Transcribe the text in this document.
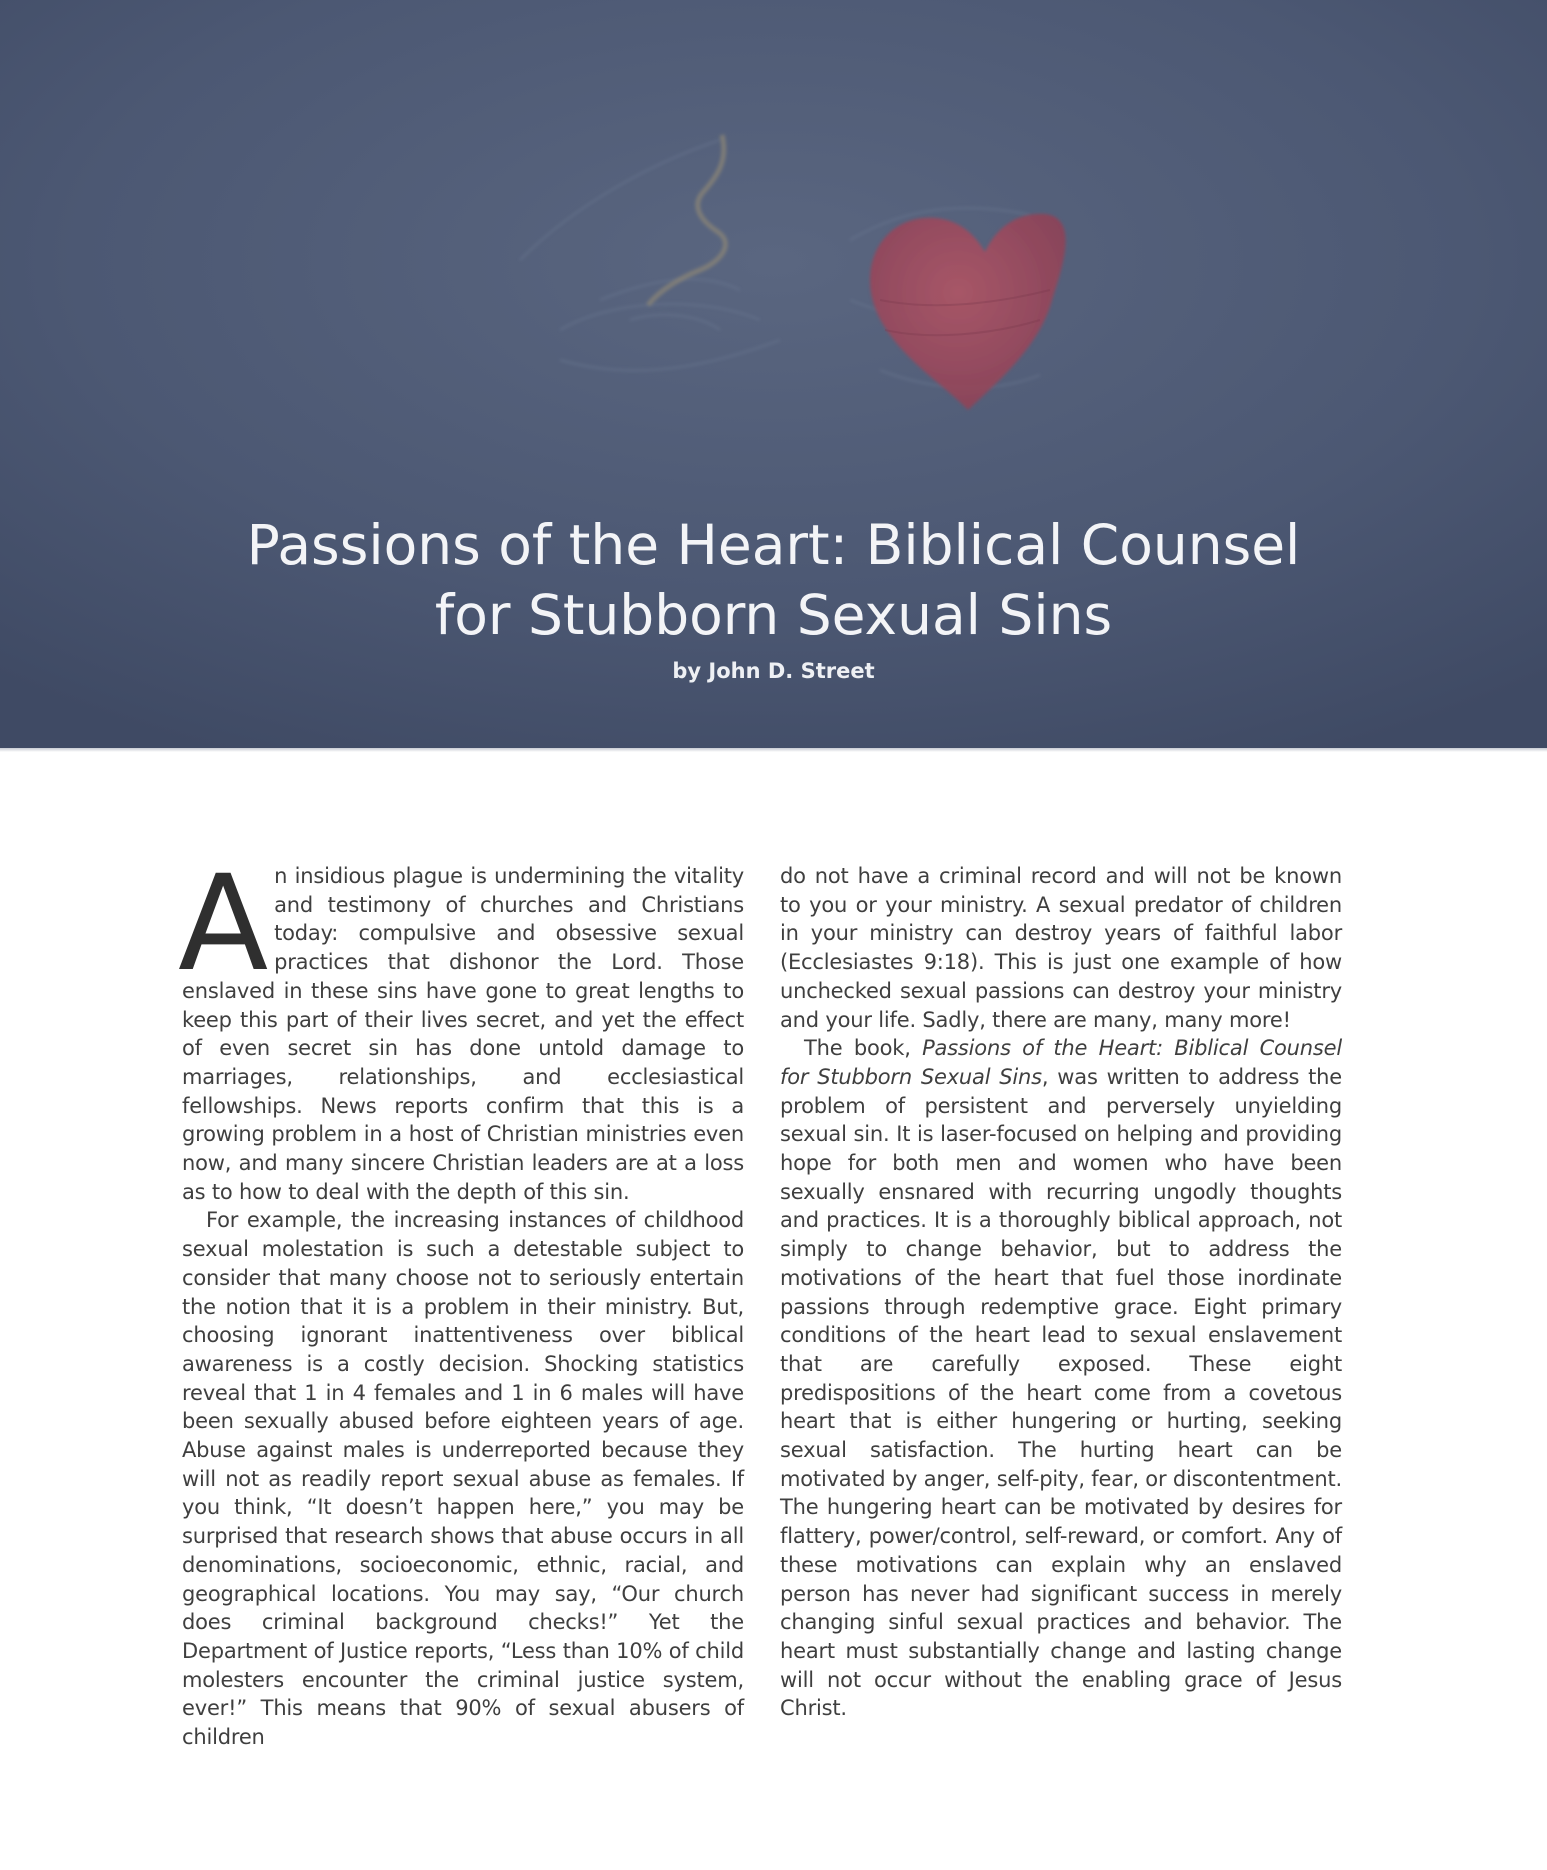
Passions of the Heart: Biblical Counsel
for Stubborn Sexual Sins

by John D. Street

An insidious plague is undermining the vitality and testimony of churches and Christians today: compulsive and obsessive sexual practices that dishonor the Lord. Those enslaved in these sins have gone to great lengths to keep this part of their lives secret, and yet the effect of even secret sin has done untold damage to marriages, relationships, and ecclesiastical fellowships. News reports confirm that this is a growing problem in a host of Christian ministries even now, and many sincere Christian leaders are at a loss as to how to deal with the depth of this sin.

For example, the increasing instances of childhood sexual molestation is such a detestable subject to consider that many choose not to seriously entertain the notion that it is a problem in their ministry. But, choosing ignorant inattentiveness over biblical awareness is a costly decision. Shocking statistics reveal that 1 in 4 females and 1 in 6 males will have been sexually abused before eighteen years of age. Abuse against males is underreported because they will not as readily report sexual abuse as females. If you think, “It doesn’t happen here,” you may be surprised that research shows that abuse occurs in all denominations, socioeconomic, ethnic, racial, and geographical locations. You may say, “Our church does criminal background checks!” Yet the Department of Justice reports, “Less than 10% of child molesters encounter the criminal justice system, ever!” This means that 90% of sexual abusers of children

do not have a criminal record and will not be known to you or your ministry. A sexual predator of children in your ministry can destroy years of faithful labor (Ecclesiastes 9:18). This is just one example of how unchecked sexual passions can destroy your ministry and your life. Sadly, there are many, many more!

The book, Passions of the Heart: Biblical Counsel for Stubborn Sexual Sins, was written to address the problem of persistent and perversely unyielding sexual sin. It is laser-focused on helping and providing hope for both men and women who have been sexually ensnared with recurring ungodly thoughts and practices. It is a thoroughly biblical approach, not simply to change behavior, but to address the motivations of the heart that fuel those inordinate passions through redemptive grace. Eight primary conditions of the heart lead to sexual enslavement that are carefully exposed. These eight predispositions of the heart come from a covetous heart that is either hungering or hurting, seeking sexual satisfaction. The hurting heart can be motivated by anger, self-pity, fear, or discontentment. The hungering heart can be motivated by desires for flattery, power/control, self-reward, or comfort. Any of these motivations can explain why an enslaved person has never had significant success in merely changing sinful sexual practices and behavior. The heart must substantially change and lasting change will not occur without the enabling grace of Jesus Christ.
